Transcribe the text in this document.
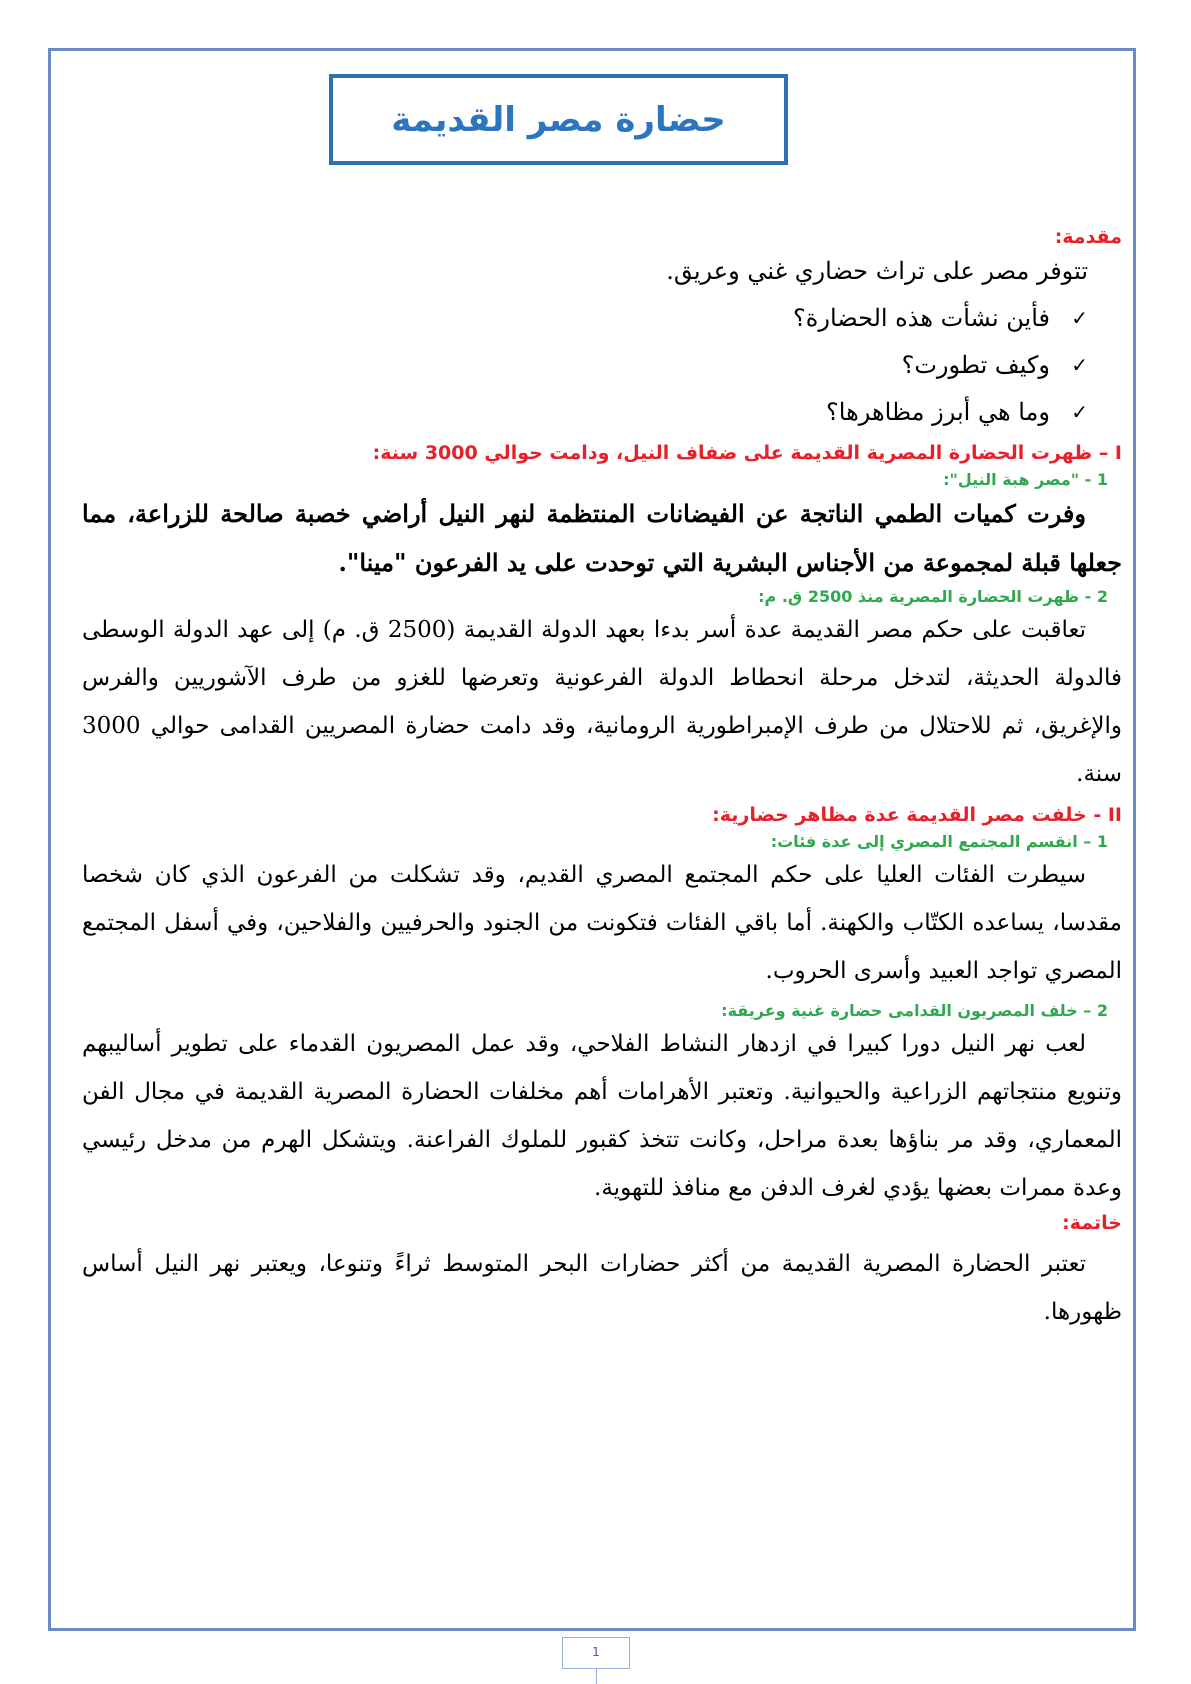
حضارة مصر القديمة

مقدمة:

تتوفر مصر على تراث حضاري غني وعريق.

✓
فأين نشأت هذه الحضارة؟
✓
وكيف تطورت؟
✓
وما هي أبرز مظاهرها؟

I – ظهرت الحضارة المصرية القديمة على ضفاف النيل، ودامت حوالي 3000 سنة:

1 - "مصر هبة النيل":

وفرت كميات الطمي الناتجة عن الفيضانات المنتظمة لنهر النيل أراضي خصبة صالحة للزراعة، مما جعلها قبلة لمجموعة من الأجناس البشرية التي توحدت على يد الفرعون "مينا".

2 - ظهرت الحضارة المصرية منذ 2500 ق. م:

تعاقبت على حكم مصر القديمة عدة أسر بدءا بعهد الدولة القديمة (2500 ق. م) إلى عهد الدولة الوسطى فالدولة الحديثة، لتدخل مرحلة انحطاط الدولة الفرعونية وتعرضها للغزو من طرف الآشوريين والفرس والإغريق، ثم للاحتلال من طرف الإمبراطورية الرومانية، وقد دامت حضارة المصريين القدامى حوالي 3000 سنة.

II - خلفت مصر القديمة عدة مظاهر حضارية:

1 – انقسم المجتمع المصري إلى عدة فئات:

سيطرت الفئات العليا على حكم المجتمع المصري القديم، وقد تشكلت من الفرعون الذي كان شخصا مقدسا، يساعده الكتّاب والكهنة. أما باقي الفئات فتكونت من الجنود والحرفيين والفلاحين، وفي أسفل المجتمع المصري تواجد العبيد وأسرى الحروب.

2 – خلف المصريون القدامى حضارة غنية وعريقة:

لعب نهر النيل دورا كبيرا في ازدهار النشاط الفلاحي، وقد عمل المصريون القدماء على تطوير أساليبهم وتنويع منتجاتهم الزراعية والحيوانية. وتعتبر الأهرامات أهم مخلفات الحضارة المصرية القديمة في مجال الفن المعماري، وقد مر بناؤها بعدة مراحل، وكانت تتخذ كقبور للملوك الفراعنة. ويتشكل الهرم من مدخل رئيسي وعدة ممرات بعضها يؤدي لغرف الدفن مع منافذ للتهوية.

خاتمة:

تعتبر الحضارة المصرية القديمة من أكثر حضارات البحر المتوسط ثراءً وتنوعا، ويعتبر نهر النيل أساس ظهورها.

1
